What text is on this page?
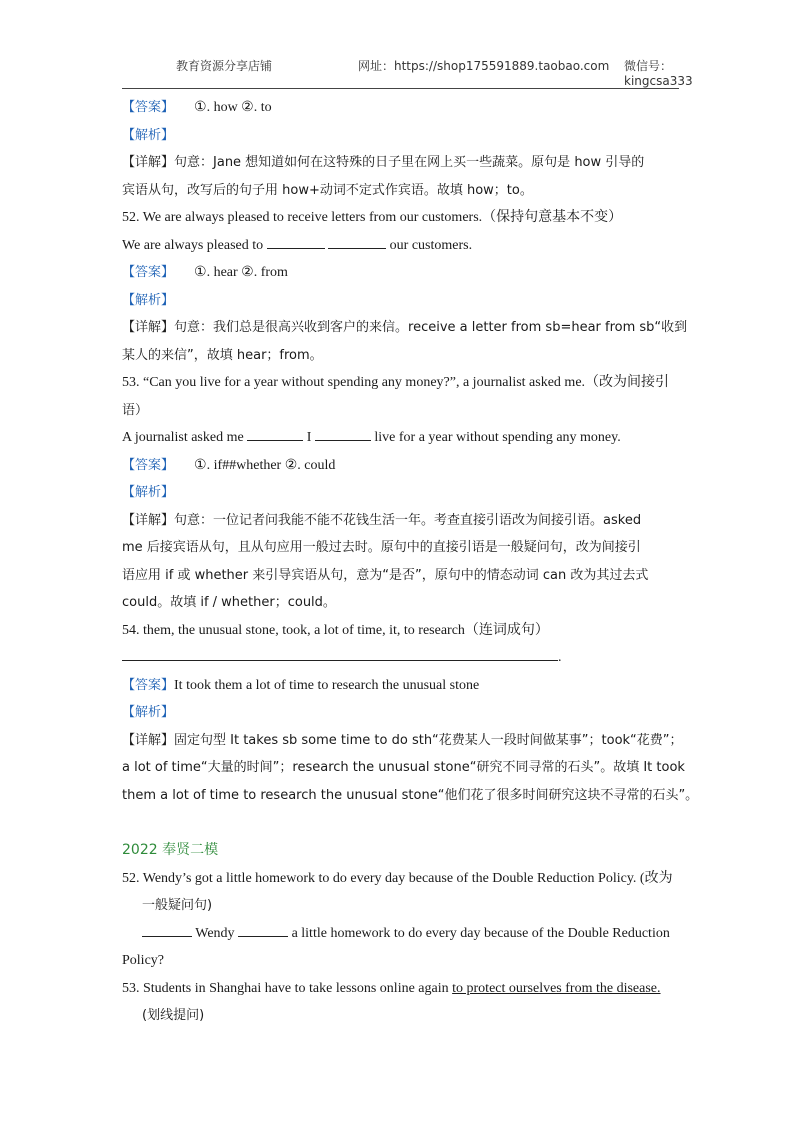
教育资源分享店铺	网址：https://shop175591889.taobao.com 微信号：
kingcsa333
【答案】 ①. how ②. to
【解析】
【详解】句意：Jane 想知道如何在这特殊的日子里在网上买一些蔬菜。原句是 how 引导的
宾语从句，改写后的句子用 how+动词不定式作宾语。故填 how；to。
52. We are always pleased to receive letters from our customers.（保持句意基本不变）
We are always pleased to	our customers.
【答案】 ①. hear ②. from
【解析】
【详解】句意：我们总是很高兴收到客户的来信。receive a letter from sb=hear from sb“收到
某人的来信”，故填 hear；from。
53. “Can you live for a year without spending any money?”, a journalist asked me.（改为间接引
语）
A journalist asked me	I	live for a year without spending any money.
【答案】 ①. if##whether ②. could
【解析】
【详解】句意：一位记者问我能不能不花钱生活一年。考查直接引语改为间接引语。asked
me 后接宾语从句，且从句应用一般过去时。原句中的直接引语是一般疑问句，改为间接引
语应用 if 或 whether 来引导宾语从句，意为“是否”，原句中的情态动词 can 改为其过去式
could。故填 if / whether；could。
54. them, the unusual stone, took, a lot of time, it, to research（连词成句）
.
【答案】It took them a lot of time to research the unusual stone
【解析】
【详解】固定句型 It takes sb some time to do sth“花费某人一段时间做某事”；took“花费”；
a lot of time“大量的时间”；research the unusual stone“研究不同寻常的石头”。故填 It took
them a lot of time to research the unusual stone“他们花了很多时间研究这块不寻常的石头”。
2022 奉贤二模
52. Wendy’s got a little homework to do every day because of the Double Reduction Policy. (改为
一般疑问句)
Wendy	a little homework to do every day because of the Double Reduction
Policy?
53. Students in Shanghai have to take lessons online again to protect ourselves from the disease.
(划线提问)
